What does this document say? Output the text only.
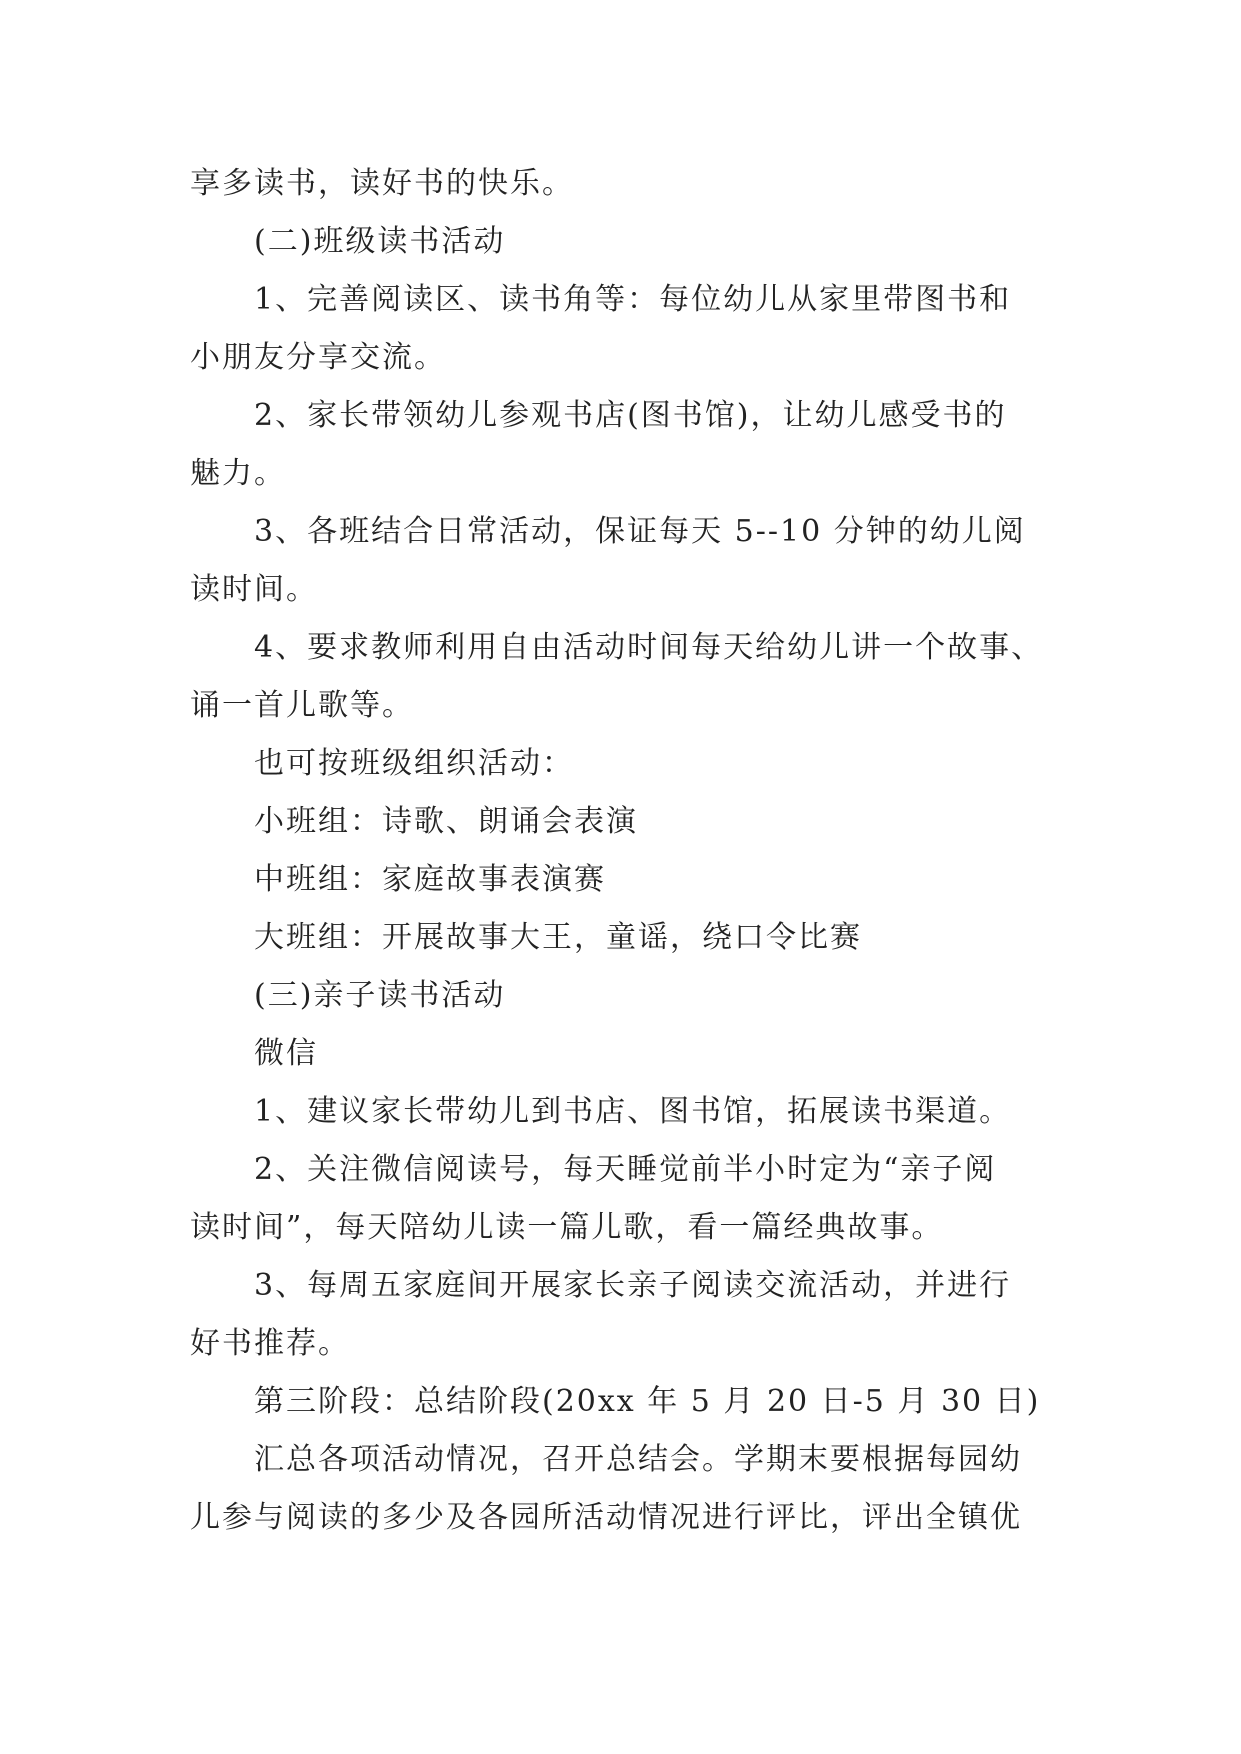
享多读书，读好书的快乐。
(二)班级读书活动
1、完善阅读区、读书角等：每位幼儿从家里带图书和
小朋友分享交流。
2、家长带领幼儿参观书店(图书馆)，让幼儿感受书的
魅力。
3、各班结合日常活动，保证每天 5--10 分钟的幼儿阅
读时间。
4、要求教师利用自由活动时间每天给幼儿讲一个故事、
诵一首儿歌等。
也可按班级组织活动：
小班组：诗歌、朗诵会表演
中班组：家庭故事表演赛
大班组：开展故事大王，童谣，绕口令比赛
(三)亲子读书活动
微信
1、建议家长带幼儿到书店、图书馆，拓展读书渠道。
2、关注微信阅读号，每天睡觉前半小时定为“亲子阅
读时间”，每天陪幼儿读一篇儿歌，看一篇经典故事。
3、每周五家庭间开展家长亲子阅读交流活动，并进行
好书推荐。
第三阶段：总结阶段(20xx 年 5 月 20 日-5 月 30 日)
汇总各项活动情况，召开总结会。学期末要根据每园幼
儿参与阅读的多少及各园所活动情况进行评比，评出全镇优
